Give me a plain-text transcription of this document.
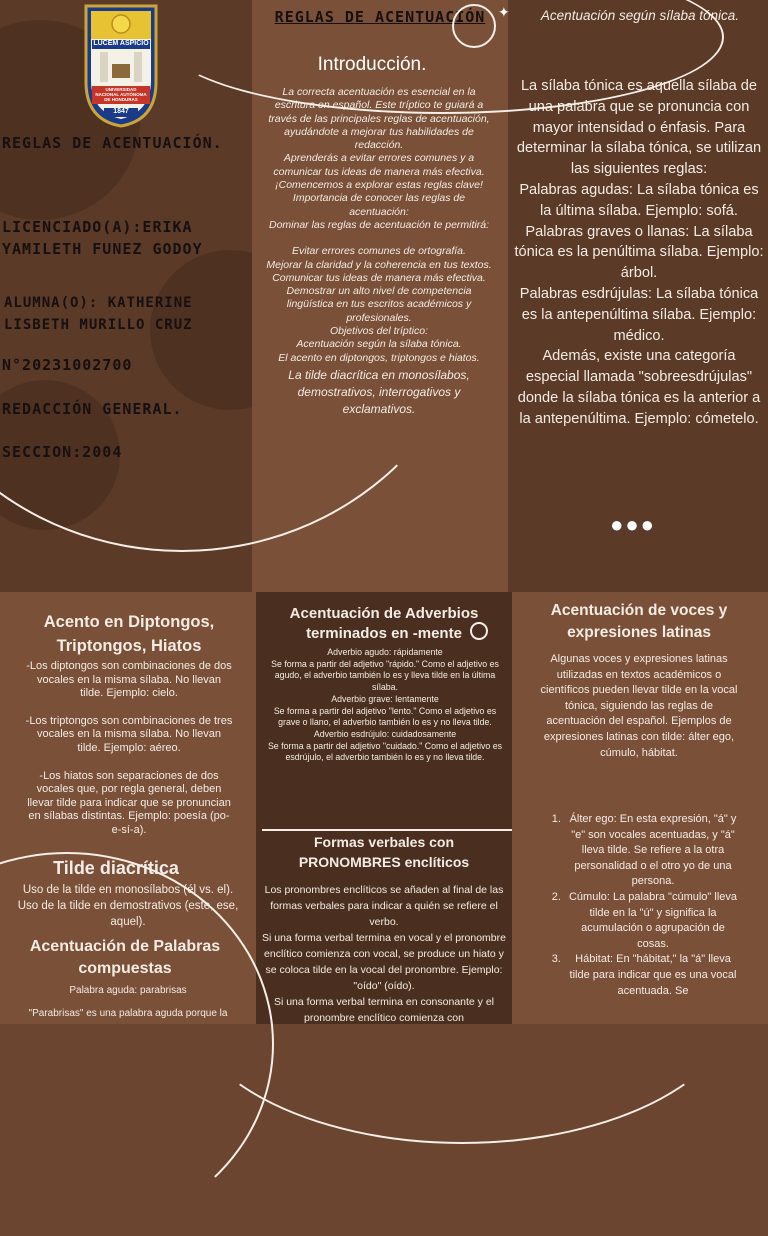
LUCEM ASPICIO
UNIVERSIDAD NACIONAL AUTÓNOMA DE HONDURAS
1847
REGLAS DE ACENTUACIÓN.
LICENCIADO(A):ERIKA YAMILETH FUNEZ GODOY
ALUMNA(O): KATHERINE LISBETH MURILLO CRUZ
N°20231002700
REDACCIÓN GENERAL.
SECCION:2004
REGLAS DE ACENTUACIÓN
Introducción.
La correcta acentuación es esencial en la escritura en español. Este tríptico te guiará a través de las principales reglas de acentuación, ayudándote a mejorar tus habilidades de redacción.
Aprenderás a evitar errores comunes y a comunicar tus ideas de manera más efectiva. ¡Comencemos a explorar estas reglas clave!
Importancia de conocer las reglas de acentuación:
Dominar las reglas de acentuación te permitirá:
Evitar errores comunes de ortografía.
Mejorar la claridad y la coherencia en tus textos.
Comunicar tus ideas de manera más efectiva.
Demostrar un alto nivel de competencia lingüística en tus escritos académicos y profesionales.
Objetivos del tríptico:
Acentuación según la sílaba tónica.
El acento en diptongos, triptongos e hiatos.
La tilde diacrítica en monosílabos, demostrativos, interrogativos y exclamativos.
Acentuación según sílaba tónica.
La sílaba tónica es aquella sílaba de una palabra que se pronuncia con mayor intensidad o énfasis. Para determinar la sílaba tónica, se utilizan las siguientes reglas:
Palabras agudas: La sílaba tónica es la última sílaba. Ejemplo: sofá.
Palabras graves o llanas: La sílaba tónica es la penúltima sílaba. Ejemplo: árbol.
Palabras esdrújulas: La sílaba tónica es la antepenúltima sílaba. Ejemplo: médico.
Además, existe una categoría especial llamada "sobreesdrújulas" donde la sílaba tónica es la anterior a la antepenúltima. Ejemplo: cómetelo.
●●●
Acento en Diptongos, Triptongos, Hiatos
-Los diptongos son combinaciones de dos vocales en la misma sílaba. No llevan tilde. Ejemplo: cielo.
-Los triptongos son combinaciones de tres vocales en la misma sílaba. No llevan tilde. Ejemplo: aéreo.
-Los hiatos son separaciones de dos vocales que, por regla general, deben llevar tilde para indicar que se pronuncian en sílabas distintas. Ejemplo: poesía (po-e-sí-a).
Tilde diacrítica
Uso de la tilde en monosílabos (él vs. el).
Uso de la tilde en demostrativos (este, ese, aquel).
Acentuación de Palabras compuestas
Palabra aguda: parabrisas
"Parabrisas" es una palabra aguda porque la
Acentuación de Adverbios terminados en -mente
Adverbio agudo: rápidamente
Se forma a partir del adjetivo "rápido." Como el adjetivo es agudo, el adverbio también lo es y lleva tilde en la última sílaba.
Adverbio grave: lentamente
Se forma a partir del adjetivo "lento." Como el adjetivo es grave o llano, el adverbio también lo es y no lleva tilde.
Adverbio esdrújulo: cuidadosamente
Se forma a partir del adjetivo "cuidado." Como el adjetivo es esdrújulo, el adverbio también lo es y no lleva tilde.
Formas verbales con PRONOMBRES enclíticos
Los pronombres enclíticos se añaden al final de las formas verbales para indicar a quién se refiere el verbo.
Si una forma verbal termina en vocal y el pronombre enclítico comienza con vocal, se produce un hiato y se coloca tilde en la vocal del pronombre. Ejemplo: "oído" (oído).
Si una forma verbal termina en consonante y el pronombre enclítico comienza con
Acentuación de voces y expresiones latinas
Algunas voces y expresiones latinas utilizadas en textos académicos o científicos pueden llevar tilde en la vocal tónica, siguiendo las reglas de acentuación del español. Ejemplos de expresiones latinas con tilde: álter ego, cúmulo, hábitat.
1. Álter ego: En esta expresión, "á" y "e" son vocales acentuadas, y "á" lleva tilde. Se refiere a la otra personalidad o el otro yo de una persona.
2. Cúmulo: La palabra "cúmulo" lleva tilde en la "ú" y significa la acumulación o agrupación de cosas.
3. Hábitat: En "hábitat," la "á" lleva tilde para indicar que es una vocal acentuada. Se
✦
